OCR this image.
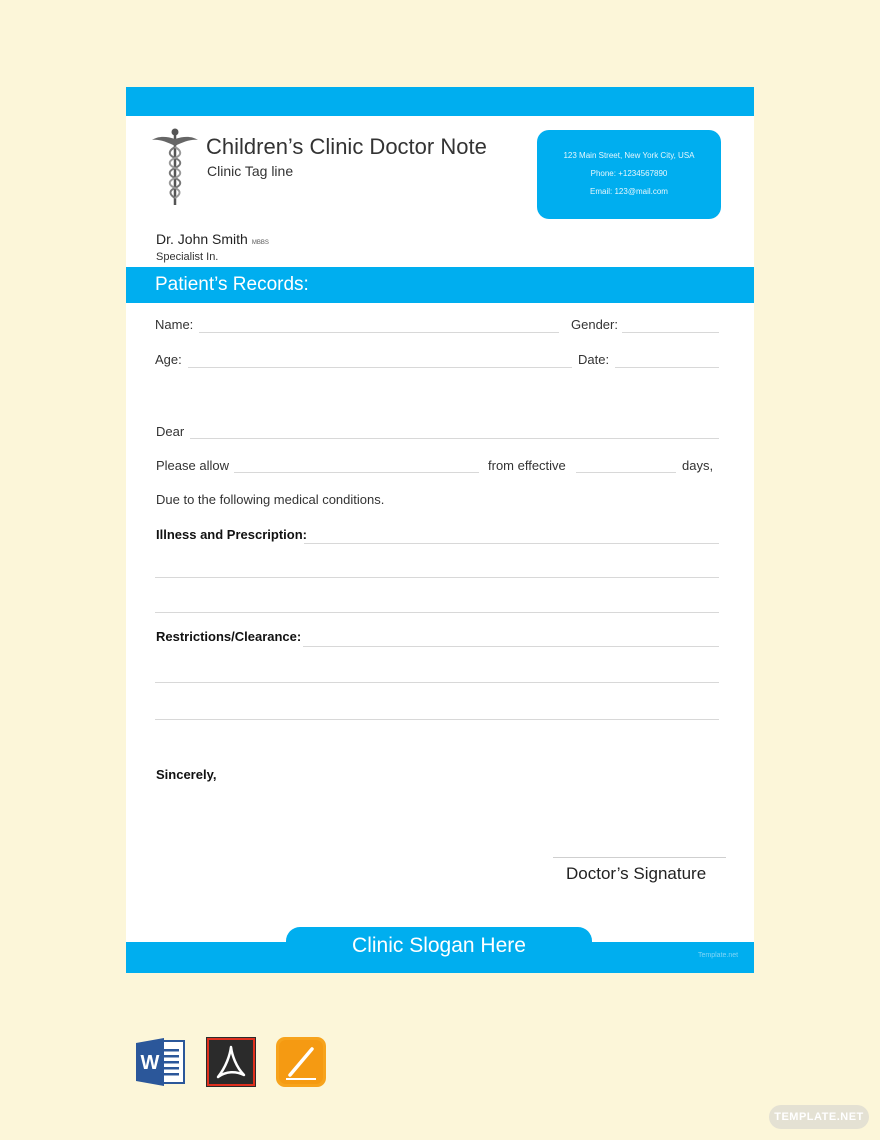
Children’s Clinic Doctor Note
Clinic Tag line
123 Main Street, New York City, USA
Phone: +1234567890
Email: 123@mail.com
Dr. John Smith MBBS
Specialist In.
Patient’s Records:
Name:	Gender:
Age:	Date:
Dear
Please allow	from effective	days,
Due to the following medical conditions.
Illness and Prescription:
Restrictions/Clearance:
Sincerely,
Doctor’s Signature
Clinic Slogan Here	Template.net
W
TEMPLATE.NET
